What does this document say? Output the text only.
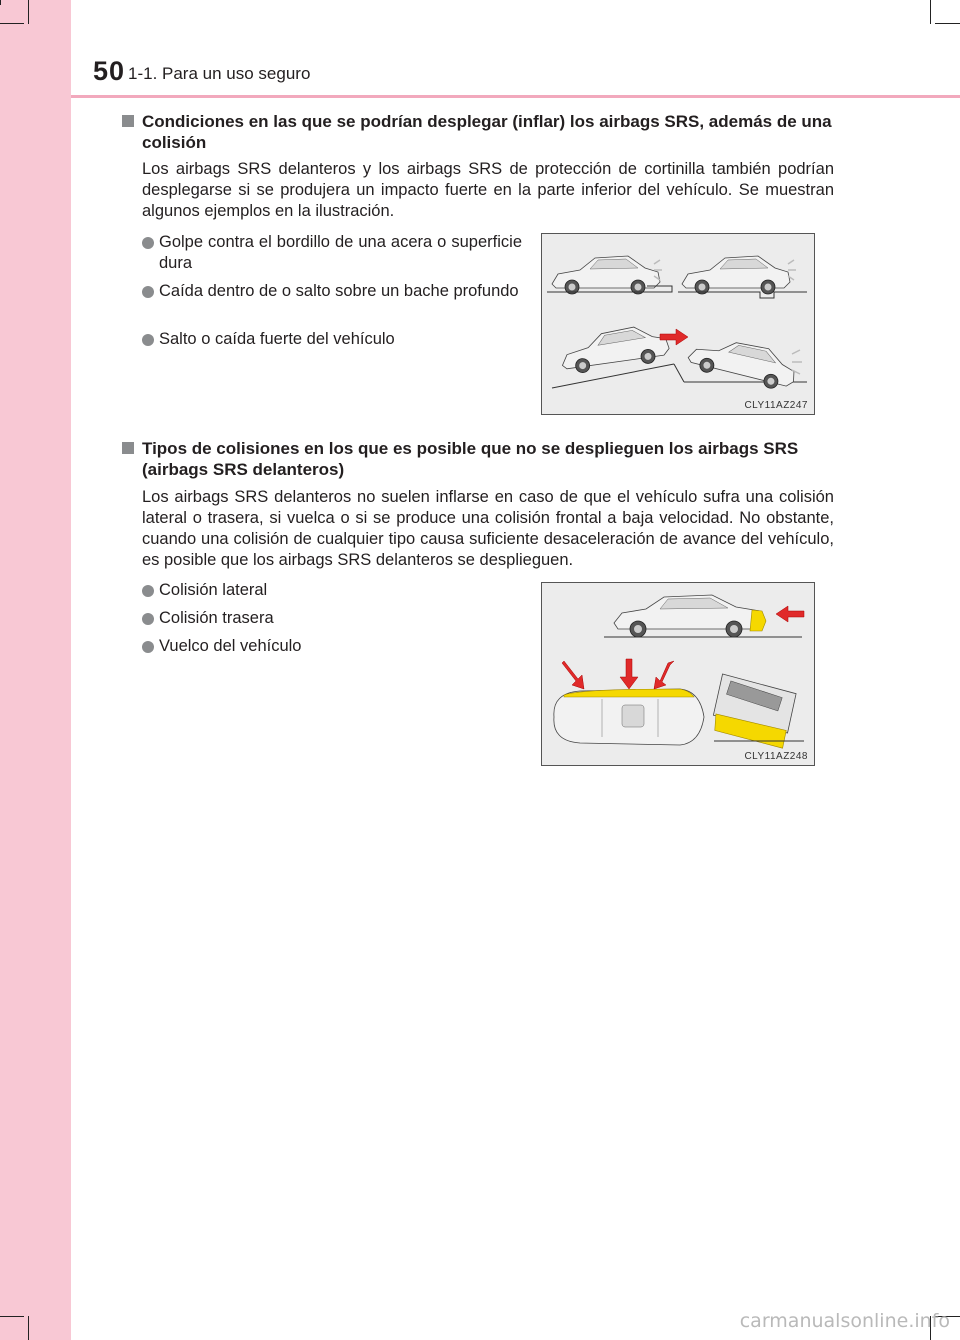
50 1-1. Para un uso seguro
Condiciones en las que se podrían desplegar (inflar) los airbags SRS, además de una colisión
Los airbags SRS delanteros y los airbags SRS de protección de cortinilla también podrían desplegarse si se produjera un impacto fuerte en la parte inferior del vehículo. Se muestran algunos ejemplos en la ilustración.
Golpe contra el bordillo de una acera o superficie dura
Caída dentro de o salto sobre un bache profundo
Salto o caída fuerte del vehículo
CLY11AZ247
Tipos de colisiones en los que es posible que no se desplieguen los airbags SRS (airbags SRS delanteros)
Los airbags SRS delanteros no suelen inflarse en caso de que el vehículo sufra una colisión lateral o trasera, si vuelca o si se produce una colisión frontal a baja velocidad. No obstante, cuando una colisión de cualquier tipo causa suficiente desaceleración de avance del vehículo, es posible que los airbags SRS delanteros se desplieguen.
Colisión lateral
Colisión trasera
Vuelco del vehículo
CLY11AZ248
carmanualsonline.info
